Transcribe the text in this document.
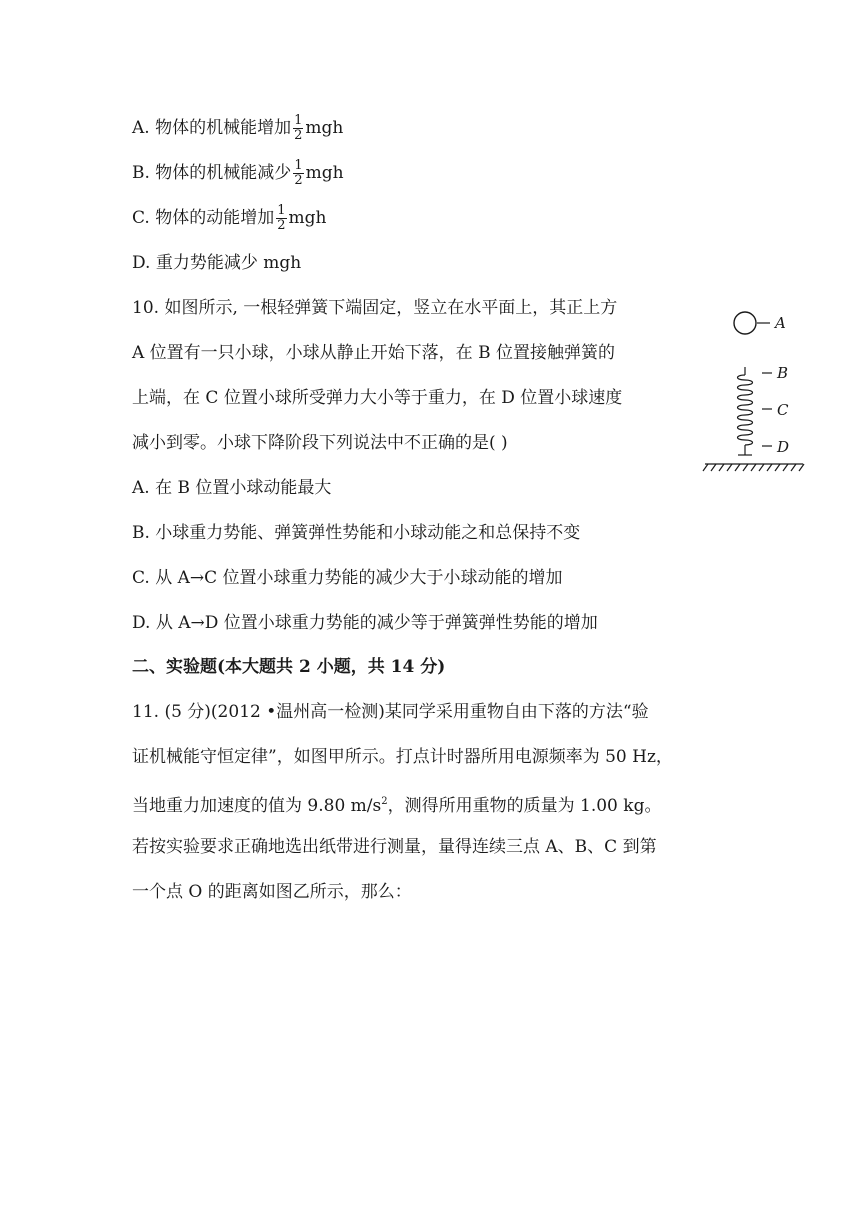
A. 物体的机械能增加 $\frac{1}{2}$ mgh
B. 物体的机械能减少 $\frac{1}{2}$ mgh
C. 物体的动能增加 $\frac{1}{2}$ mgh
D. 重力势能减少 mgh
10. 如图所示, 一根轻弹簧下端固定，竖立在水平面上，其正上方
A 位置有一只小球，小球从静止开始下落，在 B 位置接触弹簧的
上端，在 C 位置小球所受弹力大小等于重力，在 D 位置小球速度
减小到零。小球下降阶段下列说法中不正确的是( )
A. 在 B 位置小球动能最大
B. 小球重力势能、弹簧弹性势能和小球动能之和总保持不变
C. 从 A→C 位置小球重力势能的减少大于小球动能的增加
D. 从 A→D 位置小球重力势能的减少等于弹簧弹性势能的增加
A
B
C
D
二、实验题(本大题共 2 小题，共 14 分)
11. (5 分)(2012 •温州高一检测)某同学采用重物自由下落的方法“验
证机械能守恒定律”，如图甲所示。打点计时器所用电源频率为 50 Hz，
当地重力加速度的值为 9.80 $m/s^2$，测得所用重物的质量为 1.00 kg。
若按实验要求正确地选出纸带进行测量，量得连续三点 A、B、C 到第
一个点 O 的距离如图乙所示，那么：
